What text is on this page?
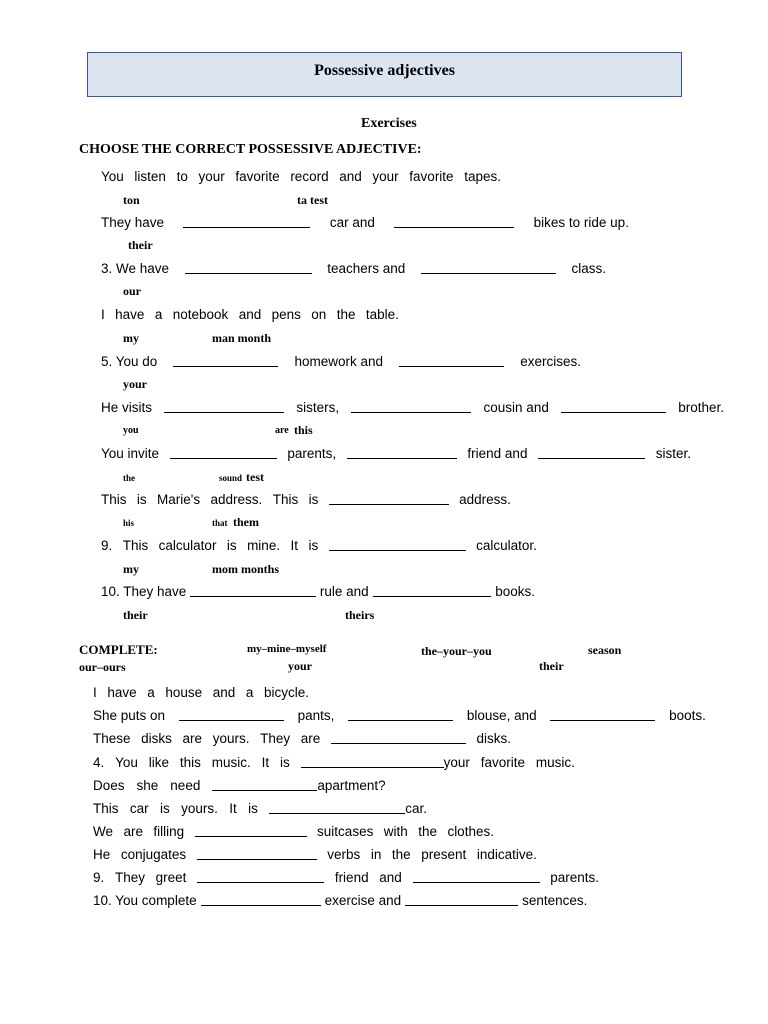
Possessive adjectives
Exercises
CHOOSE THE CORRECT POSSESSIVE ADJECTIVE:
You listen to your favorite record and your favorite tapes.
ton	ta test
They have	car and	bikes to ride up.
their
3. We have	teachers and	class.
our
I have a notebook and pens on the table.
my	man month
5. You do	homework and	exercises.
your
He visits	sisters,	cousin and	brother.
you	are this
You invite	parents,	friend and	sister.
the	sound test
This is Marie's address. This is	address.
his	that them
9. This calculator is mine. It is	calculator.
my	mom months
10. They have	rule and	books.
their	theirs
COMPLETE:	my–mine–myself	the–your–you	season
our–ours	your	their
I have a house and a bicycle.
She puts on	pants,	blouse, and	boots.
These disks are yours. They are	disks.
4. You like this music. It is	your favorite music.
Does she need	apartment?
This car is yours. It is	car.
We are filling	suitcases with the clothes.
He conjugates	verbs in the present indicative.
9. They greet	friend and	parents.
10. You complete	exercise and	sentences.
